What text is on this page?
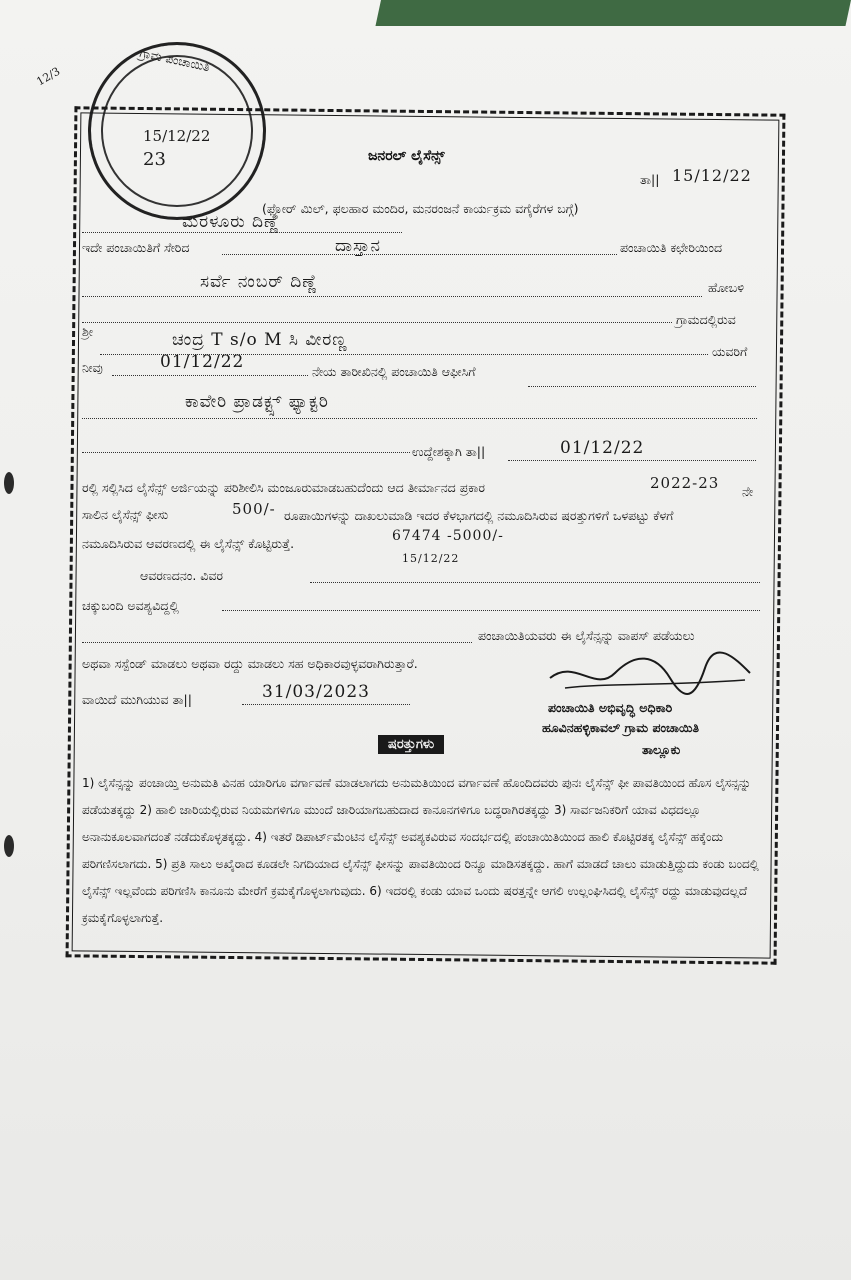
ಗ್ರಾಮ ಪಂಚಾಯಿತಿ
15/12/22
23
12/3
ಜನರಲ್ ಲೈಸೆನ್ಸ್
ತಾ|| 15/12/22
(ಫ್ಲೋರ್ ಮಿಲ್, ಫಲಹಾರ ಮಂದಿರ, ಮನರಂಜನೆ ಕಾರ್ಯಕ್ರಮ ವಗೈರೆಗಳ ಬಗ್ಗೆ)
ಮರಳೂರು ದಿಣ್ಣೆ
ಇದೇ ಪಂಚಾಯಿತಿಗೆ ಸೇರಿದ	ದಾಸ್ತಾನ	ಪಂಚಾಯಿತಿ ಕಛೇರಿಯಿಂದ
ಸರ್ವೆ ನಂಬರ್ ದಿಣ್ಣೆ	ಹೋಬಳಿ
ಗ್ರಾಮದಲ್ಲಿರುವ
ಶ್ರೀ	ಚಂದ್ರ T s/o M ಸಿ ವೀರಣ್ಣ
ಯವರಿಗೆ
ನೀವು	01/12/22	ನೇಯ ತಾರೀಖಿನಲ್ಲಿ ಪಂಚಾಯಿತಿ ಆಫೀಸಿಗೆ
ಕಾವೇರಿ ಪ್ರಾಡಕ್ಟ್ಸ್ ಫ್ಯಾಕ್ಟರಿ
ಉದ್ದೇಶಕ್ಕಾಗಿ ತಾ||	01/12/22
ರಲ್ಲಿ ಸಲ್ಲಿಸಿದ ಲೈಸೆನ್ಸ್ ಅರ್ಜಿಯನ್ನು ಪರಿಶೀಲಿಸಿ ಮಂಜೂರುಮಾಡಬಹುದೆಂದು ಆದ ತೀರ್ಮಾನದ ಪ್ರಕಾರ	2022-23 ನೇ
ಸಾಲಿನ ಲೈಸೆನ್ಸ್ ಫೀಸು	500/- ರೂಪಾಯಿಗಳನ್ನು ದಾಖಲುಮಾಡಿ ಇದರ ಕೆಳಭಾಗದಲ್ಲಿ ನಮೂದಿಸಿರುವ ಷರತ್ತುಗಳಿಗೆ ಒಳಪಟ್ಟು ಕೆಳಗೆ
ನಮೂದಿಸಿರುವ ಆವರಣದಲ್ಲಿ ಈ ಲೈಸೆನ್ಸ್ ಕೊಟ್ಟಿರುತ್ತೆ.	67474 -5000/-
15/12/22
ಆವರಣದನಂ. ವಿವರ
ಚಕ್ಕುಬಂದಿ ಅವಶ್ಯವಿದ್ದಲ್ಲಿ
ಪಂಚಾಯಿತಿಯವರು ಈ ಲೈಸೆನ್ಸನ್ನು ವಾಪಸ್ ಪಡೆಯಲು
ಅಥವಾ ಸಸ್ಪೆಂಡ್ ಮಾಡಲು ಅಥವಾ ರದ್ದು ಮಾಡಲು ಸಹ ಅಧಿಕಾರವುಳ್ಳವರಾಗಿರುತ್ತಾರೆ.
ವಾಯಿದೆ ಮುಗಿಯುವ ತಾ||	31/03/2023
ಪಂಚಾಯಿತಿ ಅಭಿವೃದ್ಧಿ ಅಧಿಕಾರಿ
ಹೂವಿನಹಳ್ಳಿಕಾವಲ್ ಗ್ರಾಮ ಪಂಚಾಯಿತಿ
ತಾಲ್ಲೂಕು
ಷರತ್ತುಗಳು
1) ಲೈಸೆನ್ಸನ್ನು ಪಂಚಾಯ್ತಿ ಅನುಮತಿ ವಿನಹ ಯಾರಿಗೂ ವರ್ಗಾವಣೆ ಮಾಡಲಾಗದು ಅನುಮತಿಯಿಂದ ವರ್ಗಾವಣೆ ಹೊಂದಿದವರು ಪುನಃ ಲೈಸೆನ್ಸ್ ಫೀ ಪಾವತಿಯಿಂದ ಹೊಸ ಲೈಸನ್ಸನ್ನು ಪಡೆಯತಕ್ಕದ್ದು 2) ಹಾಲಿ ಜಾರಿಯಲ್ಲಿರುವ ನಿಯಮಗಳಿಗೂ ಮುಂದೆ ಜಾರಿಯಾಗಬಹುದಾದ ಕಾನೂನಗಳಿಗೂ ಬದ್ಧರಾಗಿರತಕ್ಕದ್ದು 3) ಸಾರ್ವಜನಿಕರಿಗೆ ಯಾವ ವಿಧದಲ್ಲೂ ಅನಾನುಕೂಲವಾಗದಂತೆ ನಡೆದುಕೊಳ್ಳತಕ್ಕದ್ದು. 4) ಇತರೆ ಡಿಪಾರ್ಟ್‌ಮೆಂಟಿನ ಲೈಸೆನ್ಸ್ ಅವಶ್ಯಕವಿರುವ ಸಂದರ್ಭದಲ್ಲಿ ಪಂಚಾಯಿತಿಯಿಂದ ಹಾಲಿ ಕೊಟ್ಟಿರತಕ್ಕ ಲೈಸೆನ್ಸ್ ಹಕ್ಕೆಂದು ಪರಿಗಣಿಸಲಾಗದು. 5) ಪ್ರತಿ ಸಾಲು ಅಖೈರಾದ ಕೂಡಲೇ ನಿಗದಿಯಾದ ಲೈಸೆನ್ಸ್ ಫೀಸನ್ನು ಪಾವತಿಯಿಂದ ರಿನ್ಯೂ ಮಾಡಿಸತಕ್ಕದ್ದು. ಹಾಗೆ ಮಾಡದೆ ಚಾಲು ಮಾಡುತ್ತಿದ್ದುದು ಕಂಡು ಬಂದಲ್ಲಿ ಲೈಸೆನ್ಸ್ ಇಲ್ಲವೆಂದು ಪರಿಗಣಿಸಿ ಕಾನೂನು ಮೇರೆಗೆ ಕ್ರಮಕೈಗೊಳ್ಳಲಾಗುವುದು. 6) ಇದರಲ್ಲಿ ಕಂಡು ಯಾವ ಒಂದು ಷರತ್ತನ್ನೇ ಆಗಲಿ ಉಲ್ಲಂಘಿಸಿದಲ್ಲಿ ಲೈಸೆನ್ಸ್ ರದ್ದು ಮಾಡುವುದಲ್ಲದೆ ಕ್ರಮಕೈಗೊಳ್ಳಲಾಗುತ್ತೆ.
